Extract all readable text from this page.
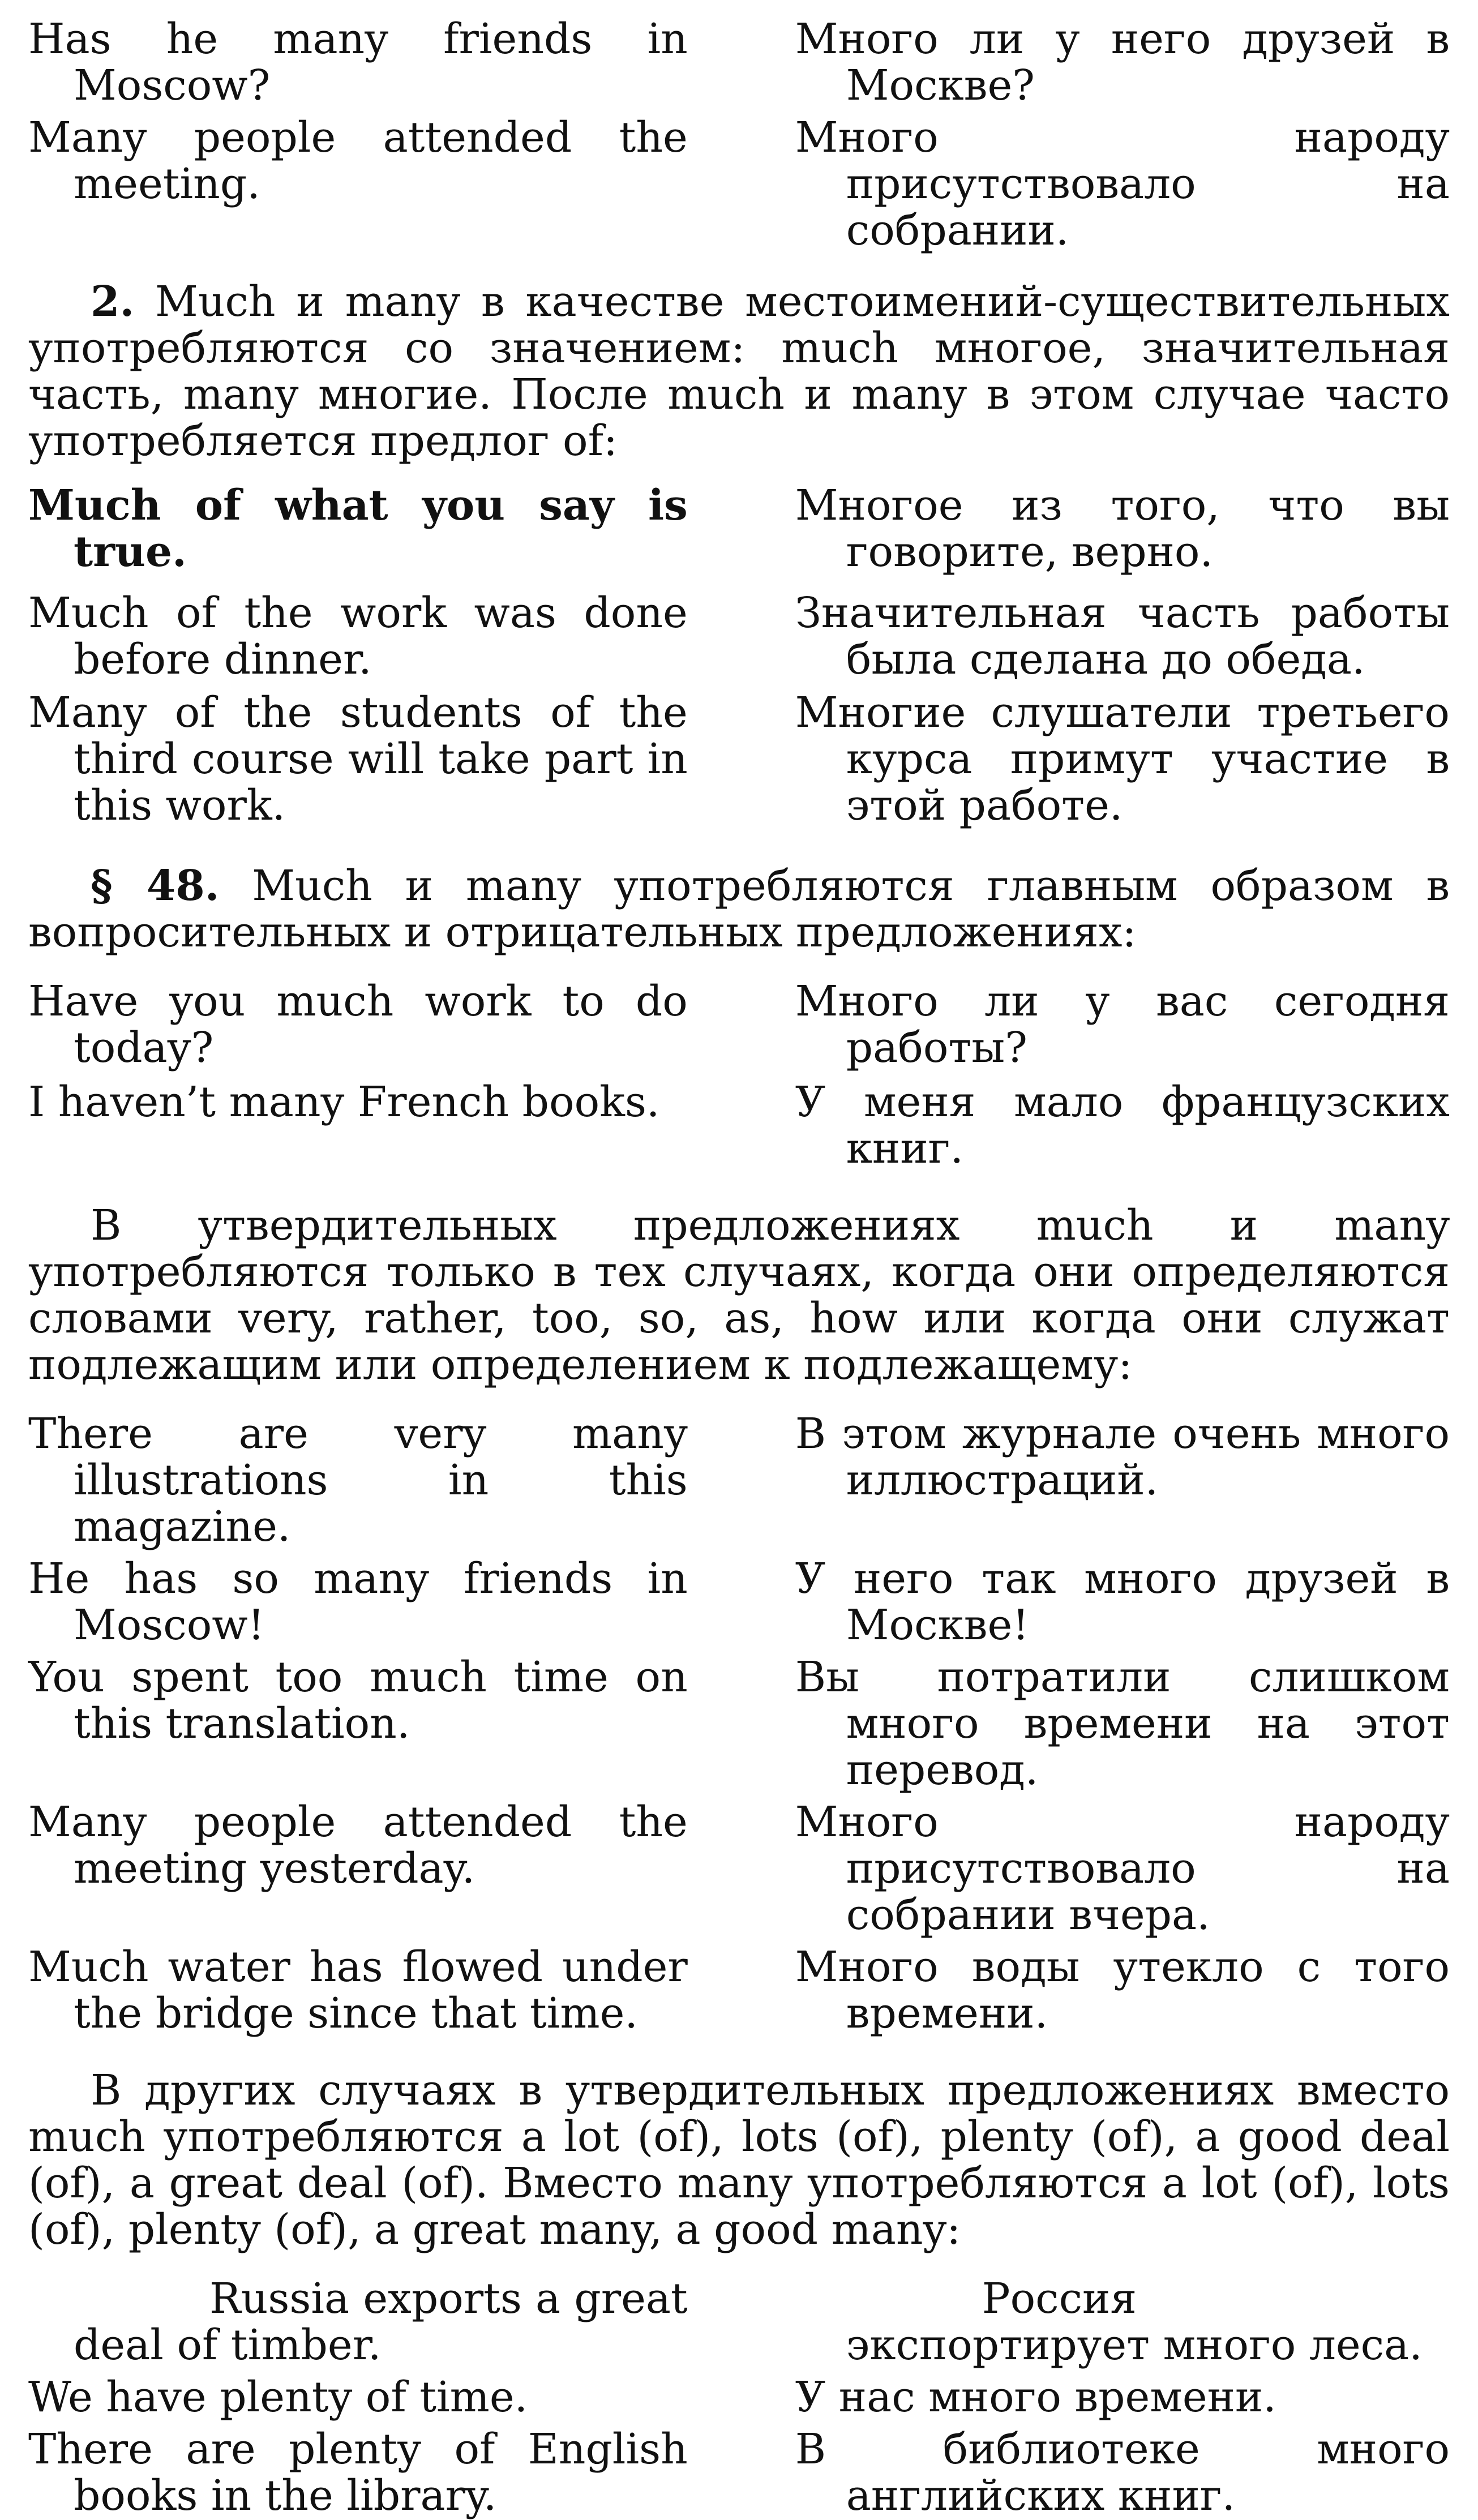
Has he many friends in Moscow?
Много ли у него друзей в Москве?
Many people attended the meeting.
Много народу присутствовало на собрании.
2. Much и many в качестве местоимений-существительных употребляются со значением: much многое, значительная часть, many многие. После much и many в этом случае часто употребляется предлог of:
Much of what you say is true.
Многое из того, что вы говорите, верно.
Much of the work was done before dinner.
Значительная часть работы была сделана до обеда.
Many of the students of the third course will take part in this work.
Многие слушатели третьего курса примут участие в этой работе.
§ 48. Much и many употребляются главным образом в вопросительных и отрицательных предложениях:
Have you much work to do today?
Много ли у вас сегодня работы?
I haven’t many French books.	У меня мало французских книг.
В утвердительных предложениях much и many употребляются только в тех случаях, когда они определяются словами very, rather, too, so, as, how или когда они служат подлежащим или определением к подлежащему:
There are very many illustrations in this magazine.
В этом журнале очень много иллюстраций.
He has so many friends in Moscow!
У него так много друзей в Москве!
You spent too much time on this translation.
Вы потратили слишком много времени на этот перевод.
Many people attended the meeting yesterday.
Много народу присутствовало на собрании вчера.
Much water has flowed under the bridge since that time.
Много воды утекло с того времени.
В других случаях в утвердительных предложениях вместо much употребляются a lot (of), lots (of), plenty (of), a good deal (of), a great deal (of). Вместо many употребляются a lot (of), lots (of), plenty (of), a great many, a good many:
Russia exports a great deal of timber.
Россия экспортирует много леса.
We have plenty of time.	У нас много времени.
There are plenty of English books in the library.
В библиотеке много английских книг.
